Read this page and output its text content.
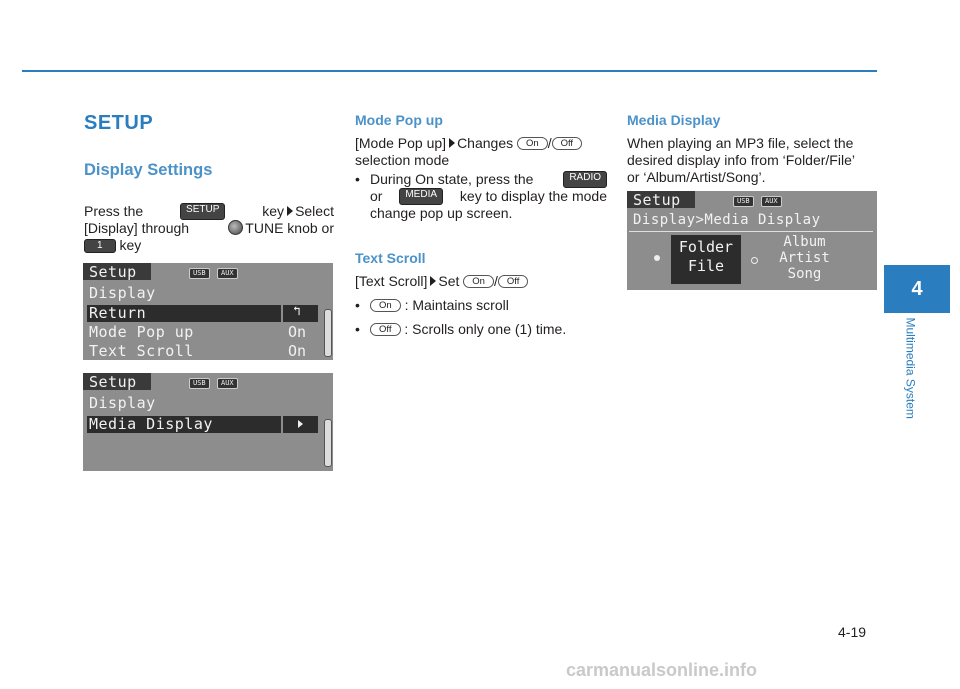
SETUP
Display Settings
Press the	SETUP	key Select
[Display] through	TUNE knob or
1 key
Setup	USB	AUX
Display
Return	↰
Mode Pop up	On
Text Scroll	On
Setup	USB	AUX
Display
Media Display
Mode Pop up
[Mode Pop up] Changes On / Off
selection mode
• During On state, press the	RADIO
or	MEDIA	key to display the mode
change pop up screen.
Text Scroll
[Text Scroll] Set On / Off
• On : Maintains scroll
• Off : Scrolls only one (1) time.
Media Display
When playing an MP3 file, select the
desired display info from ‘Folder/File’
or ‘Album/Artist/Song’.
Setup	USB	AUX
Display>Media Display
Folder
File
Album
Artist
Song
4
Multimedia System
4-19
carmanualsonline.info
